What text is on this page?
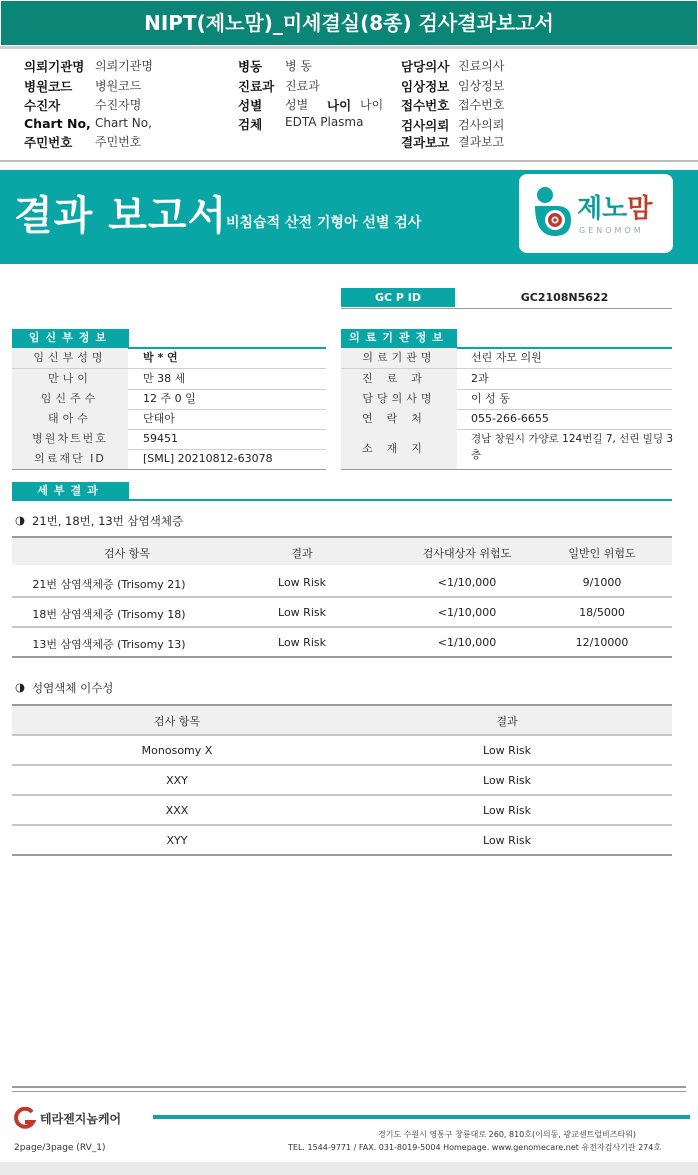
NIPT(제노맘)_미세결실(8종) 검사결과보고서
의뢰기관명 의뢰기관명
병원코드 병원코드
수진자	수진자명
Chart No, Chart No,
주민번호 주민번호
병동 병 동
진료과 진료과
성별 성별 나이 나이
검체 EDTA Plasma
담당의사 진료의사
임상정보 임상정보
접수번호 접수번호
검사의뢰 검사의뢰
결과보고 결과보고
결과 보고서
비침습적 산전 기형아 선별 검사	제노맘
GENOMOM
GC P ID	GC2108N5622
임신부정보
임신부성명	박 * 연
만나이	만 38 세
임신주수	12 주 0 일
태아수	단태아
병원차트번호	59451
의료재단 ID	[SML] 20210812-63078
의료기관정보
의료기관명	선린 자모 의원
진료과	2과
담당의사명	이 성 동
연락처	055-266-6655
소재지
경남 창원시 가양로 124번길 7, 선린 빌딩 3
층
세부결과
◑ 21번, 18번, 13번 삼염색체증
검사 항목	결과	검사대상자 위험도	일반인 위험도
21번 삼염색체증 (Trisomy 21)	Low Risk	<1/10,000	9/1000
18번 삼염색체증 (Trisomy 18)	Low Risk	<1/10,000	18/5000
13번 삼염색체증 (Trisomy 13)	Low Risk	<1/10,000	12/10000
◑ 성염색체 이수성
검사 항목	결과
Monosomy X	Low Risk
XXY	Low Risk
XXX	Low Risk
XYY	Low Risk
테라젠지놈케어
경기도 수원시 영통구 창룡대로 260, 810호(이의동, 광교센트럴비즈타워)
TEL. 1544-9771 / FAX. 031-8019-5004 Homepage. www.genomecare.net 유전자검사기관 274호
2page/3page (RV_1)
